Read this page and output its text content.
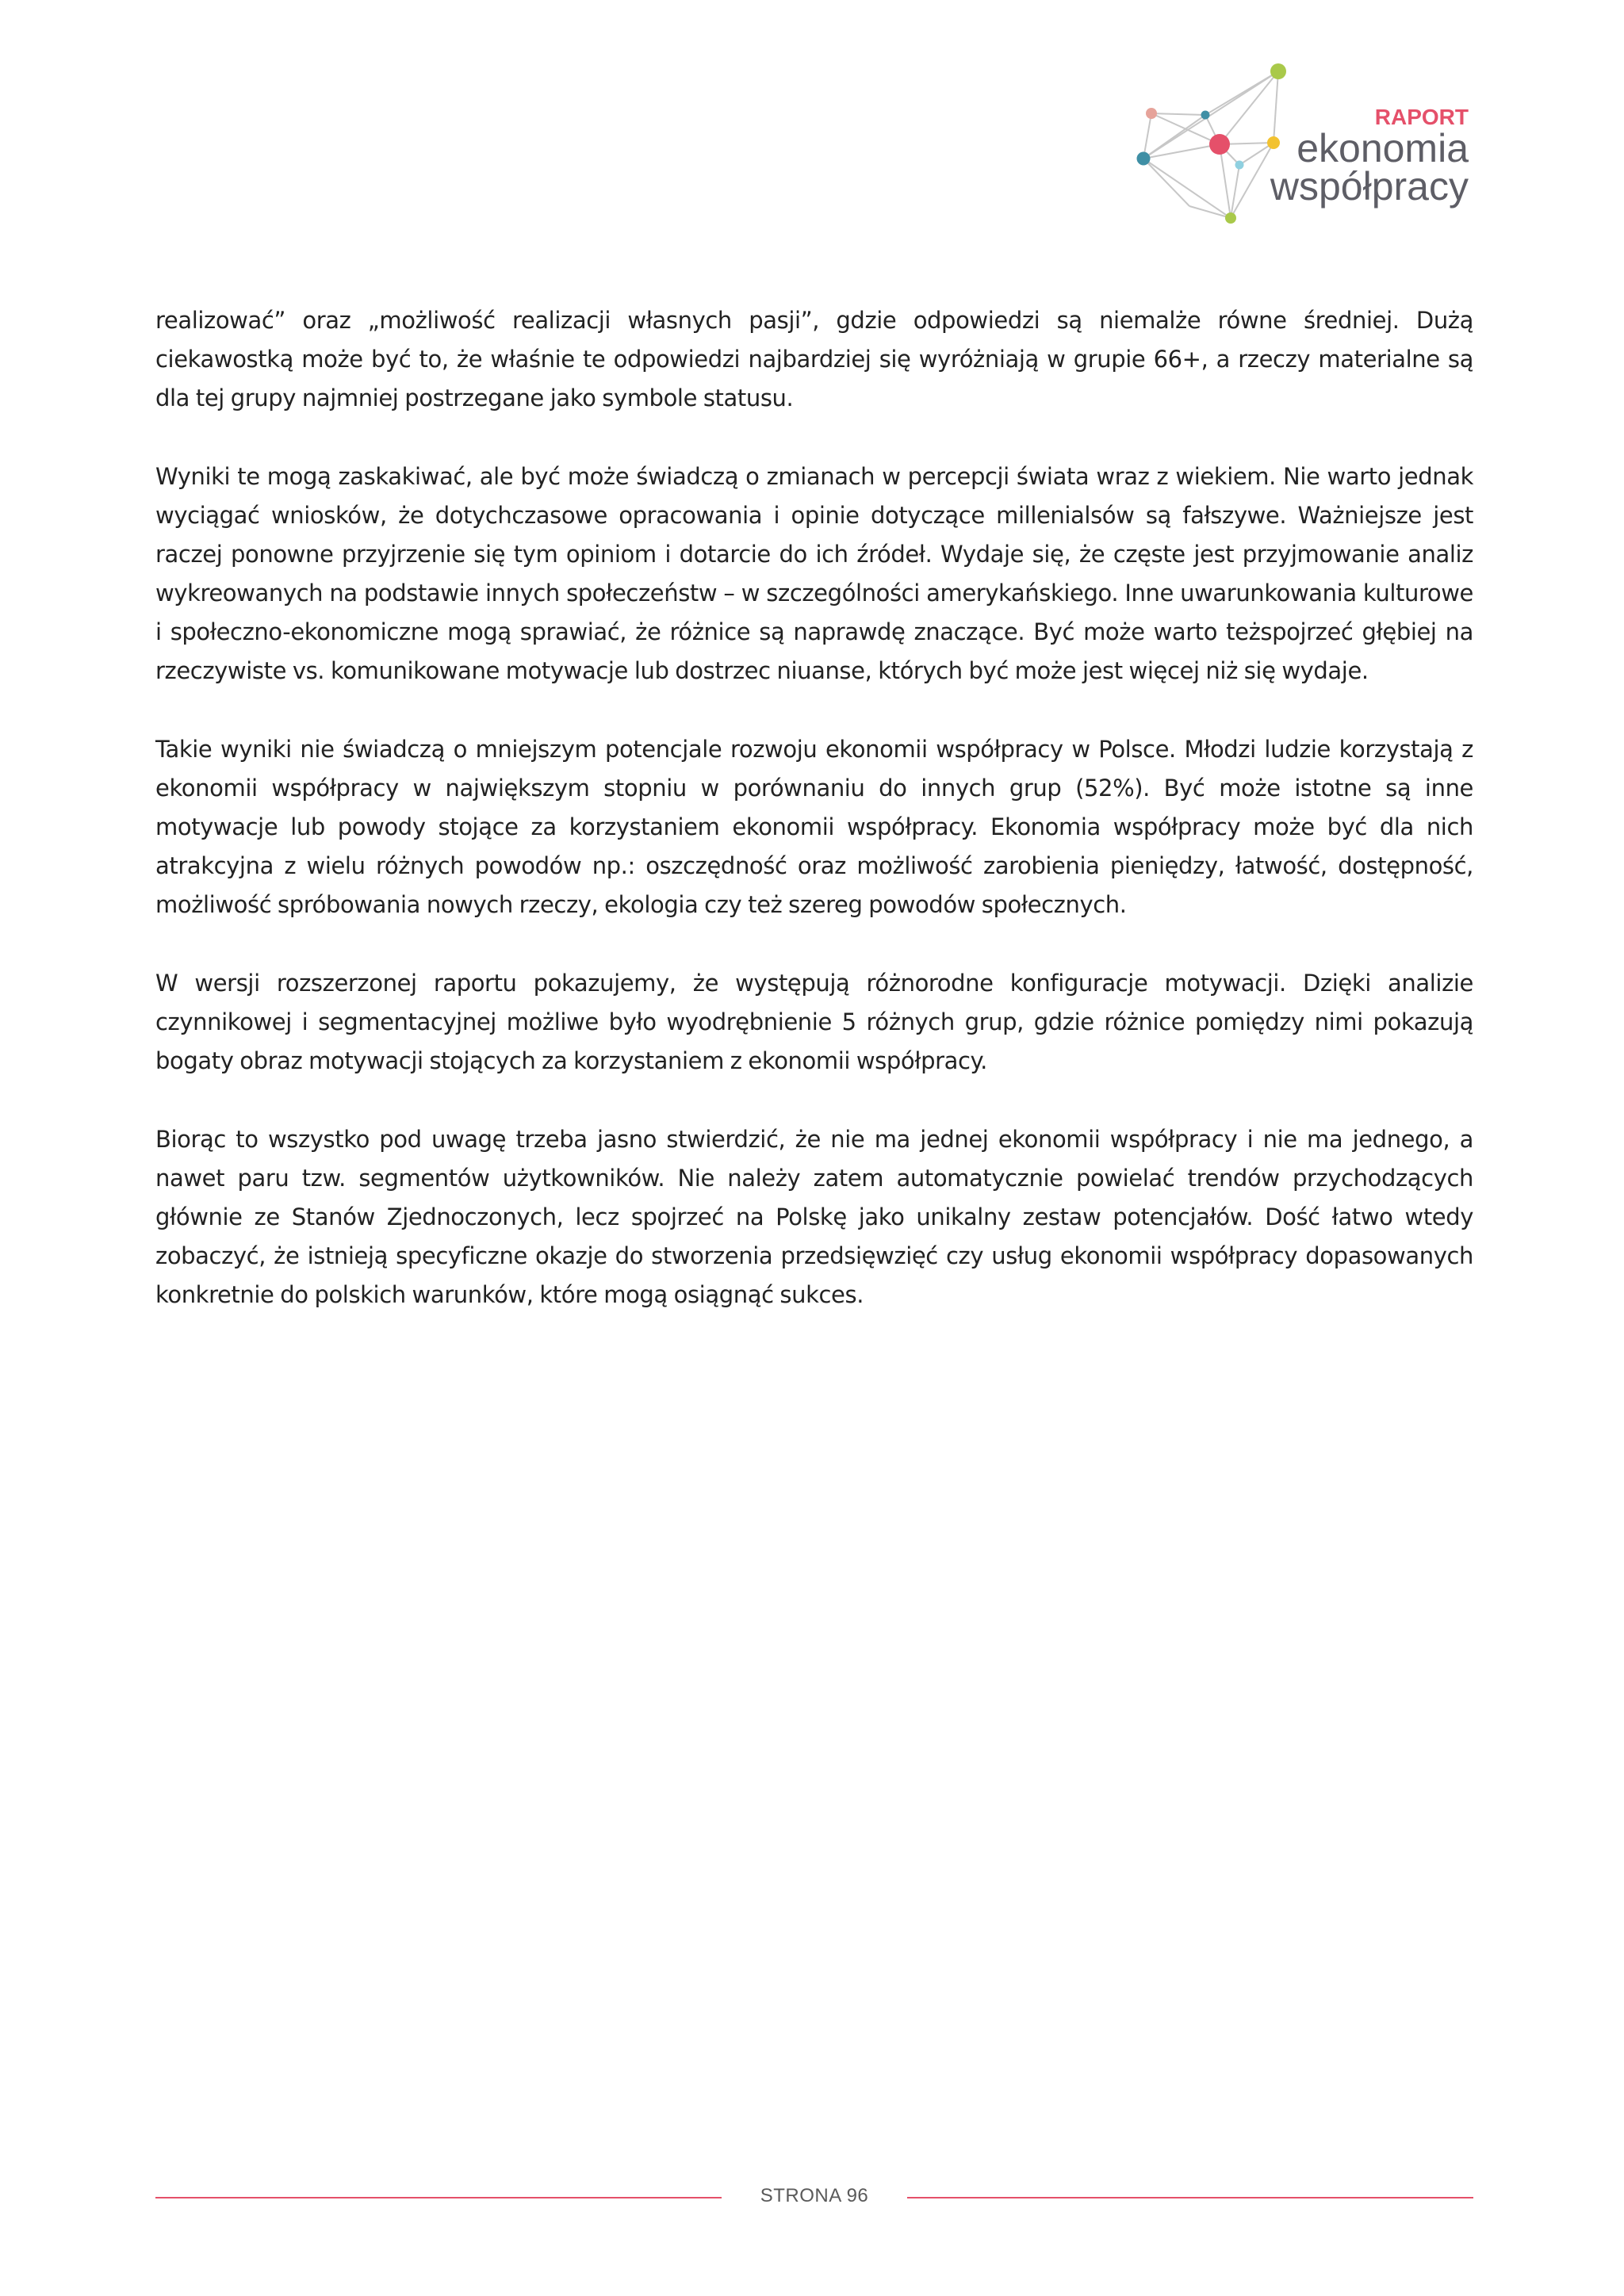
RAPORT
ekonomia
współpracy

realizować” oraz „możliwość realizacji własnych pasji”, gdzie odpowiedzi są niemalże równe średniej. Dużą ciekawostką może być to, że właśnie te odpowiedzi najbardziej się wyróżniają w grupie 66+, a rzeczy materialne są dla tej grupy najmniej postrzegane jako symbole statusu.

Wyniki te mogą zaskakiwać, ale być może świadczą o zmianach w percepcji świata wraz z wiekiem. Nie warto jednak wyciągać wniosków, że dotychczasowe opracowania i opinie dotyczące millenialsów są fałszywe. Ważniejsze jest raczej ponowne przyjrzenie się tym opiniom i dotarcie do ich źródeł. Wydaje się, że częste jest przyjmowanie analiz wykreowanych na podstawie innych społeczeństw – w szczególności amerykańskiego. Inne uwarunkowania kulturowe i społeczno-ekonomiczne mogą sprawiać, że różnice są naprawdę znaczące. Być może warto teżspojrzeć głębiej na rzeczywiste vs. komunikowane motywacje lub dostrzec niuanse, których być może jest więcej niż się wydaje.

Takie wyniki nie świadczą o mniejszym potencjale rozwoju ekonomii współpracy w Polsce. Młodzi ludzie korzystają z ekonomii współpracy w największym stopniu w porównaniu do innych grup (52%). Być może istotne są inne motywacje lub powody stojące za korzystaniem ekonomii współpracy. Ekonomia współpracy może być dla nich atrakcyjna z wielu różnych powodów np.: oszczędność oraz możliwość zarobienia pieniędzy, łatwość, dostępność, możliwość spróbowania nowych rzeczy, ekologia czy też szereg powodów społecznych.

W wersji rozszerzonej raportu pokazujemy, że występują różnorodne konfiguracje motywacji. Dzięki analizie czynnikowej i segmentacyjnej możliwe było wyodrębnienie 5 różnych grup, gdzie różnice pomiędzy nimi pokazują bogaty obraz motywacji stojących za korzystaniem z ekonomii współpracy.

Biorąc to wszystko pod uwagę trzeba jasno stwierdzić, że nie ma jednej ekonomii współpracy i nie ma jednego, a nawet paru tzw. segmentów użytkowników. Nie należy zatem automatycznie powielać trendów przychodzących głównie ze Stanów Zjednoczonych, lecz spojrzeć na Polskę jako unikalny zestaw potencjałów. Dość łatwo wtedy zobaczyć, że istnieją specyficzne okazje do stworzenia przedsięwzięć czy usług ekonomii współpracy dopasowanych konkretnie do polskich warunków, które mogą osiągnąć sukces.

STRONA 96
